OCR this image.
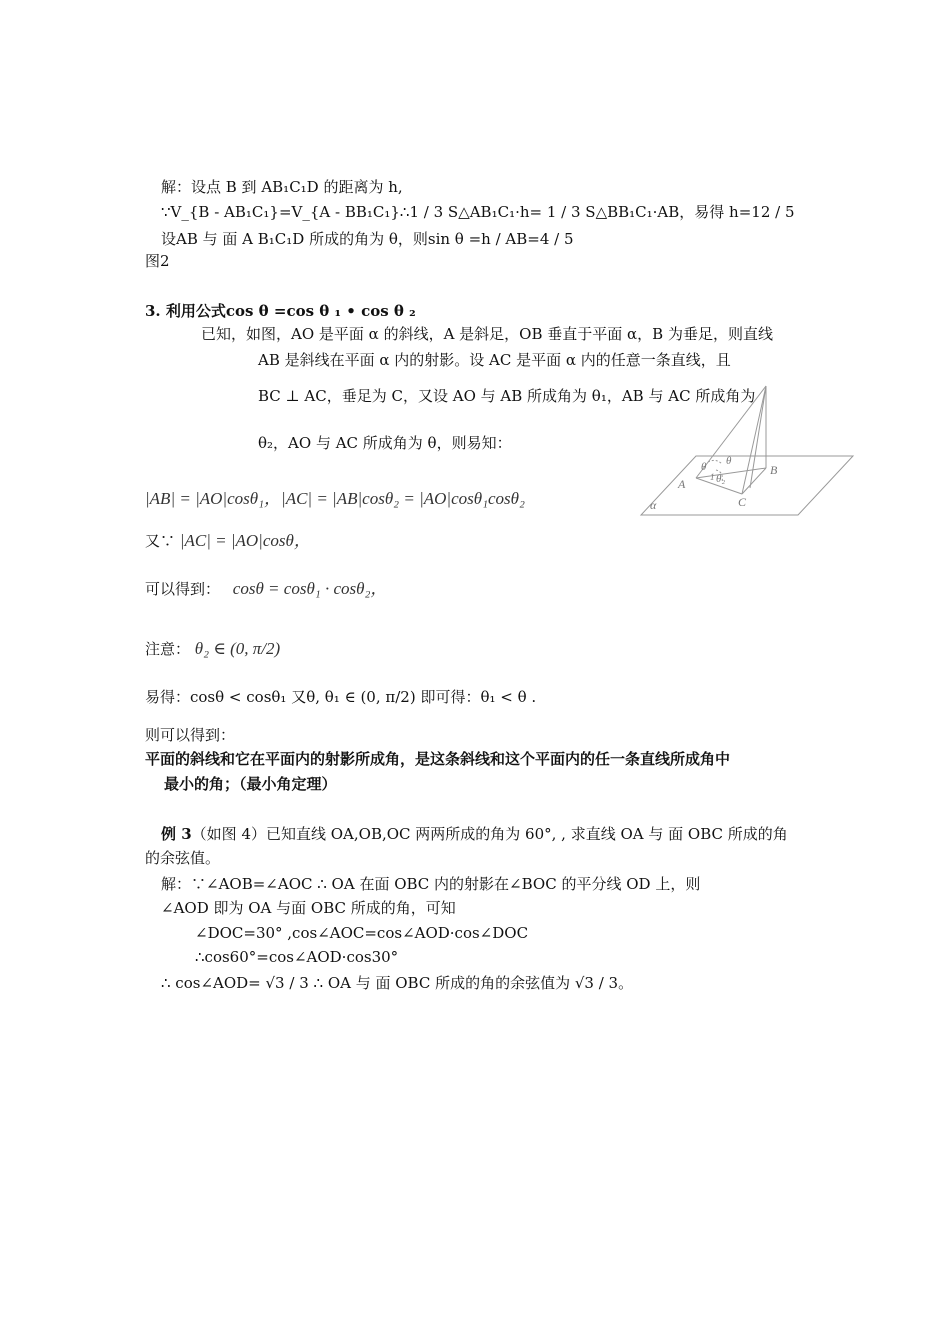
解：设点 B 到 AB₁C₁D 的距离为 h,
∵V_{B - AB₁C₁}=V_{A - BB₁C₁}∴1 / 3 S△AB₁C₁·h= 1 / 3 S△BB₁C₁·AB，易得 h=12 / 5
设AB 与 面 A B₁C₁D 所成的角为 θ，则sin θ =h / AB=4 / 5
图2
3. 利用公式cos θ =cos θ ₁ • cos θ ₂
已知，如图，AO 是平面 α 的斜线，A 是斜足，OB 垂直于平面 α，B 为垂足，则直线
AB 是斜线在平面 α 内的射影。设 AC 是平面 α 内的任意一条直线，且
BC ⊥ AC，垂足为 C，又设 AO 与 AB 所成角为 θ₁，AB 与 AC 所成角为
θ₂，AO 与 AC 所成角为 θ，则易知：
|AB| = |AO|cosθ₁，|AC| = |AB|cosθ₂ = |AO|cosθ₁cosθ₂
又∵ |AC| = |AO|cosθ，
可以得到： cosθ = cosθ₁ · cosθ₂，
注意： θ₂ ∈ (0, π/2)
易得：cosθ < cosθ₁ 又θ, θ₁ ∈ (0, π/2) 即可得：θ₁ < θ .
则可以得到：
平面的斜线和它在平面内的射影所成角，是这条斜线和这个平面内的任一条直线所成角中
最小的角；（最小角定理）
θ θ
1 θ₂
B
A
C
α
例 3（如图 4）已知直线 OA,OB,OC 两两所成的角为 60°, , 求直线 OA 与 面 OBC 所成的角
的余弦值。
解：∵∠AOB=∠AOC ∴ OA 在面 OBC 内的射影在∠BOC 的平分线 OD 上，则
∠AOD 即为 OA 与面 OBC 所成的角，可知
∠DOC=30° ,cos∠AOC=cos∠AOD·cos∠DOC
∴cos60°=cos∠AOD·cos30°
∴ cos∠AOD= √3 / 3 ∴ OA 与 面 OBC 所成的角的余弦值为 √3 / 3。
